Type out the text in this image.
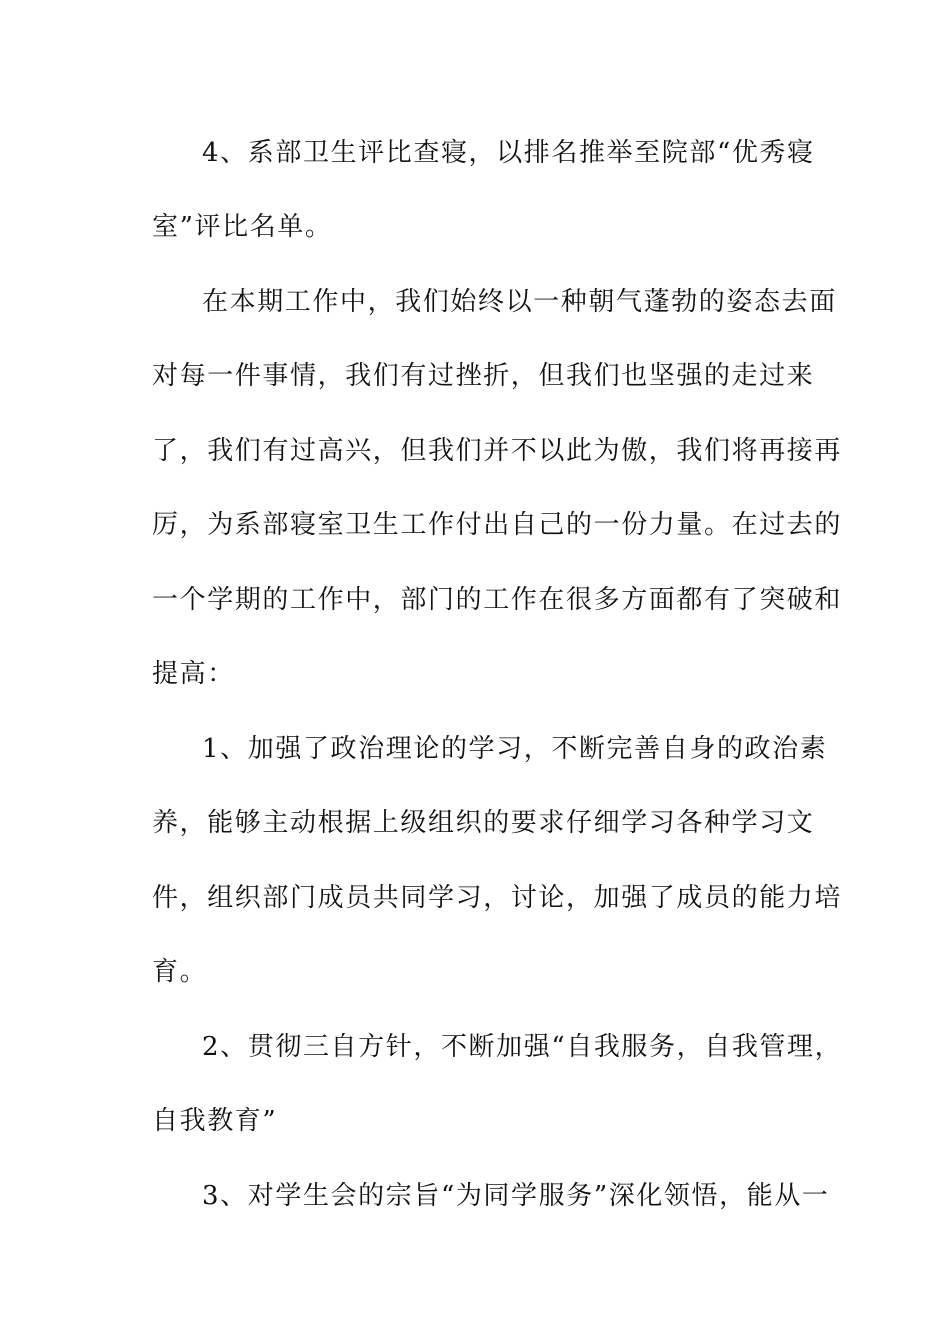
4、系部卫生评比查寝，以排名推举至院部“优秀寝
室”评比名单。
在本期工作中，我们始终以一种朝气蓬勃的姿态去面
对每一件事情，我们有过挫折，但我们也坚强的走过来
了，我们有过高兴，但我们并不以此为傲，我们将再接再
厉，为系部寝室卫生工作付出自己的一份力量。在过去的
一个学期的工作中，部门的工作在很多方面都有了突破和
提高：
1、加强了政治理论的学习，不断完善自身的政治素
养，能够主动根据上级组织的要求仔细学习各种学习文
件，组织部门成员共同学习，讨论，加强了成员的能力培
育。
2、贯彻三自方针，不断加强“自我服务，自我管理，
自我教育”
3、对学生会的宗旨“为同学服务”深化领悟，能从一
